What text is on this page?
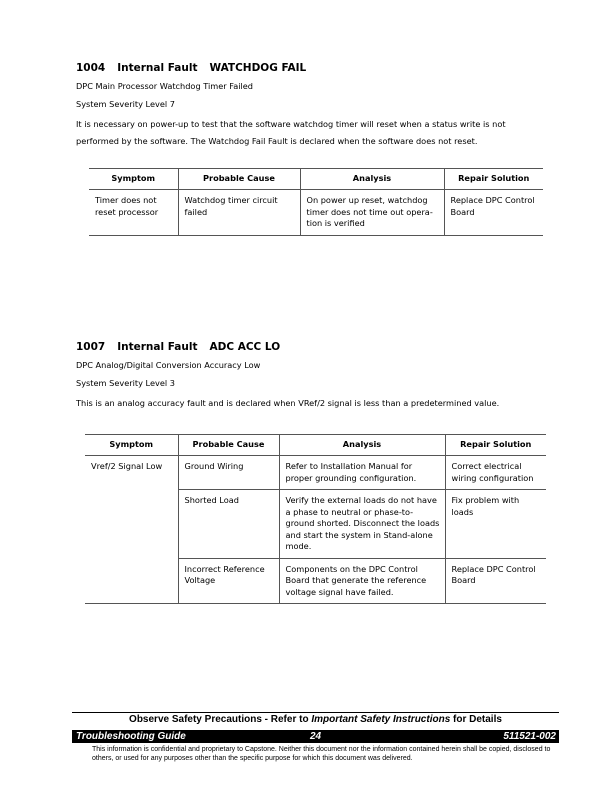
1004 Internal Fault WATCHDOG FAIL
DPC Main Processor Watchdog Timer Failed
System Severity Level 7
It is necessary on power-up to test that the software watchdog timer will reset when a status write is not performed by the software. The Watchdog Fail Fault is declared when the software does not reset.
Symptom	Probable Cause	Analysis	Repair Solution
Timer does not reset processor	Watchdog timer circuit failed	On power up reset, watchdog timer does not time out opera-tion is verified	Replace DPC Control Board
1007 Internal Fault ADC ACC LO
DPC Analog/Digital Conversion Accuracy Low
System Severity Level 3
This is an analog accuracy fault and is declared when VRef/2 signal is less than a predetermined value.
Symptom	Probable Cause	Analysis	Repair Solution
Vref/2 Signal Low	Ground Wiring	Refer to Installation Manual for proper grounding configuration.	Correct electrical wiring configuration
	Shorted Load	Verify the external loads do not have a phase to neutral or phase-to-ground shorted. Disconnect the loads and start the system in Stand-alone mode.	Fix problem with loads
	Incorrect Reference Voltage	Components on the DPC Control Board that generate the reference voltage signal have failed.	Replace DPC Control Board
Observe Safety Precautions - Refer to Important Safety Instructions for Details
Troubleshooting Guide	24	511521-002
This information is confidential and proprietary to Capstone. Neither this document nor the information contained herein shall be copied, disclosed to others, or used for any purposes other than the specific purpose for which this document was delivered.
